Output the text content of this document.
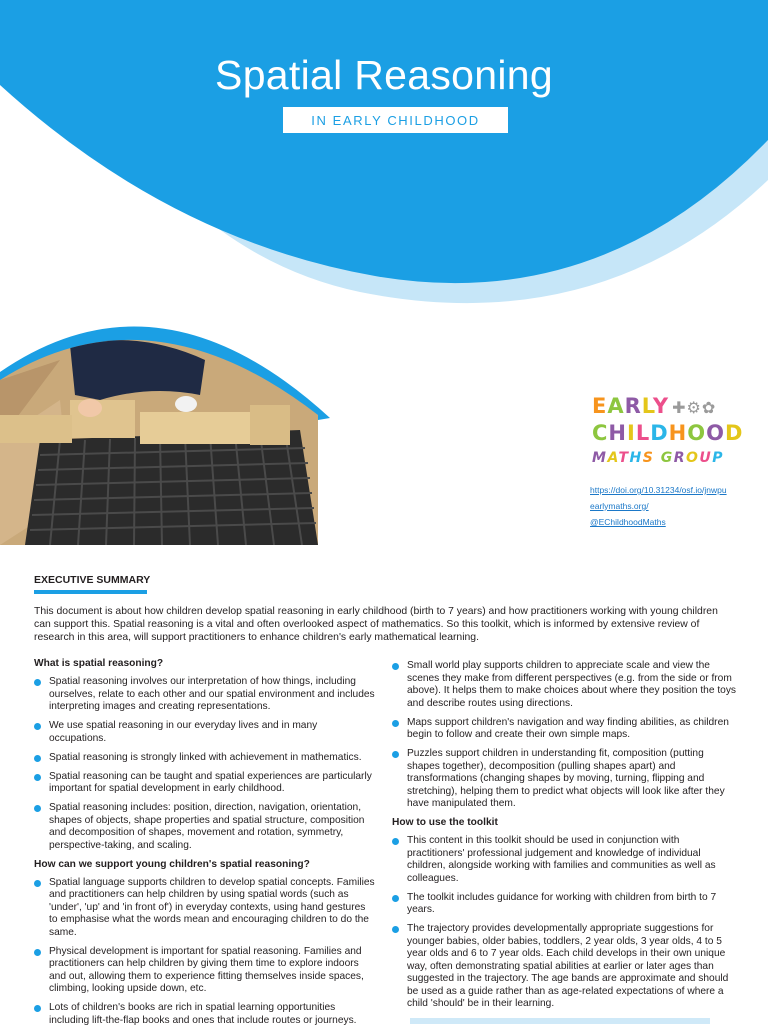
Spatial Reasoning
IN EARLY CHILDHOOD
EARLY ✚⚙✿
CHILDHOOD
MATHS GROUP
https://doi.org/10.31234/osf.io/jnwpu
earlymaths.org/
@EChildhoodMaths
EXECUTIVE SUMMARY

This document is about how children develop spatial reasoning in early childhood (birth to 7 years) and how practitioners working with young children can support this. Spatial reasoning is a vital and often overlooked aspect of mathematics. So this toolkit, which is informed by extensive review of research in this area, will support practitioners to enhance children's early mathematical learning.

What is spatial reasoning?
Spatial reasoning involves our interpretation of how things, including ourselves, relate to each other and our spatial environment and includes interpreting images and creating representations.
We use spatial reasoning in our everyday lives and in many occupations.
Spatial reasoning is strongly linked with achievement in mathematics.
Spatial reasoning can be taught and spatial experiences are particularly important for spatial development in early childhood.
Spatial reasoning includes: position, direction, navigation, orientation, shapes of objects, shape properties and spatial structure, composition and decomposition of shapes, movement and rotation, symmetry, perspective-taking, and scaling.
How can we support young children's spatial reasoning?
Spatial language supports children to develop spatial concepts. Families and practitioners can help children by using spatial words (such as 'under', 'up' and 'in front of') in everyday contexts, using hand gestures to emphasise what the words mean and encouraging children to do the same.
Physical development is important for spatial reasoning. Families and practitioners can help children by giving them time to explore indoors and out, allowing them to experience fitting themselves inside spaces, climbing, looking upside down, etc.
Lots of children's books are rich in spatial learning opportunities including lift-the-flap books and ones that include routes or journeys.
Small world play supports children to appreciate scale and view the scenes they make from different perspectives (e.g. from the side or from above). It helps them to make choices about where they position the toys and describe routes using directions.
Maps support children's navigation and way finding abilities, as children begin to follow and create their own simple maps.
Puzzles support children in understanding fit, composition (putting shapes together), decomposition (pulling shapes apart) and transformations (changing shapes by moving, turning, flipping and stretching), helping them to predict what objects will look like after they have manipulated them.
How to use the toolkit
This content in this toolkit should be used in conjunction with practitioners' professional judgement and knowledge of individual children, alongside working with families and communities as well as colleagues.
The toolkit includes guidance for working with children from birth to 7 years.
The trajectory provides developmentally appropriate suggestions for younger babies, older babies, toddlers, 2 year olds, 3 year olds, 4 to 5 year olds and 6 to 7 year olds. Each child develops in their own unique way, often demonstrating spatial abilities at earlier or later ages than suggested in the trajectory. The age bands are approximate and should be used as a guide rather than as age-related expectations of where a child 'should' be in their learning.
